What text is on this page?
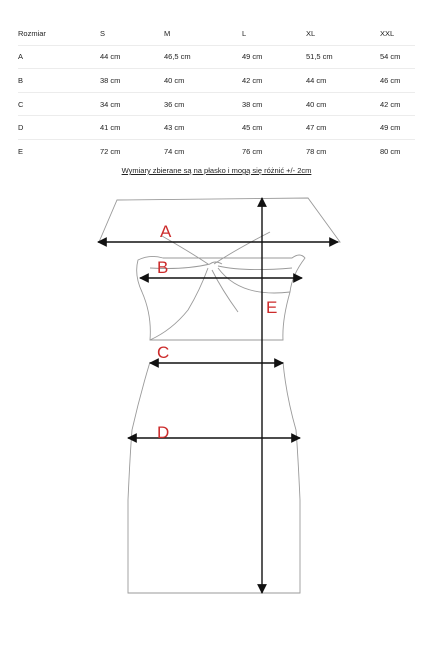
Rozmiar	S	M	L	XL	XXL
A	44 cm	46,5 cm	49 cm	51,5 cm	54 cm
B	38 cm	40 cm	42 cm	44 cm	46 cm
C	34 cm	36 cm	38 cm	40 cm	42 cm
D	41 cm	43 cm	45 cm	47 cm	49 cm
E	72 cm	74 cm	76 cm	78 cm	80 cm
Wymiary zbierane są na płasko i mogą się różnić +/- 2cm
A
B
E
C
D
